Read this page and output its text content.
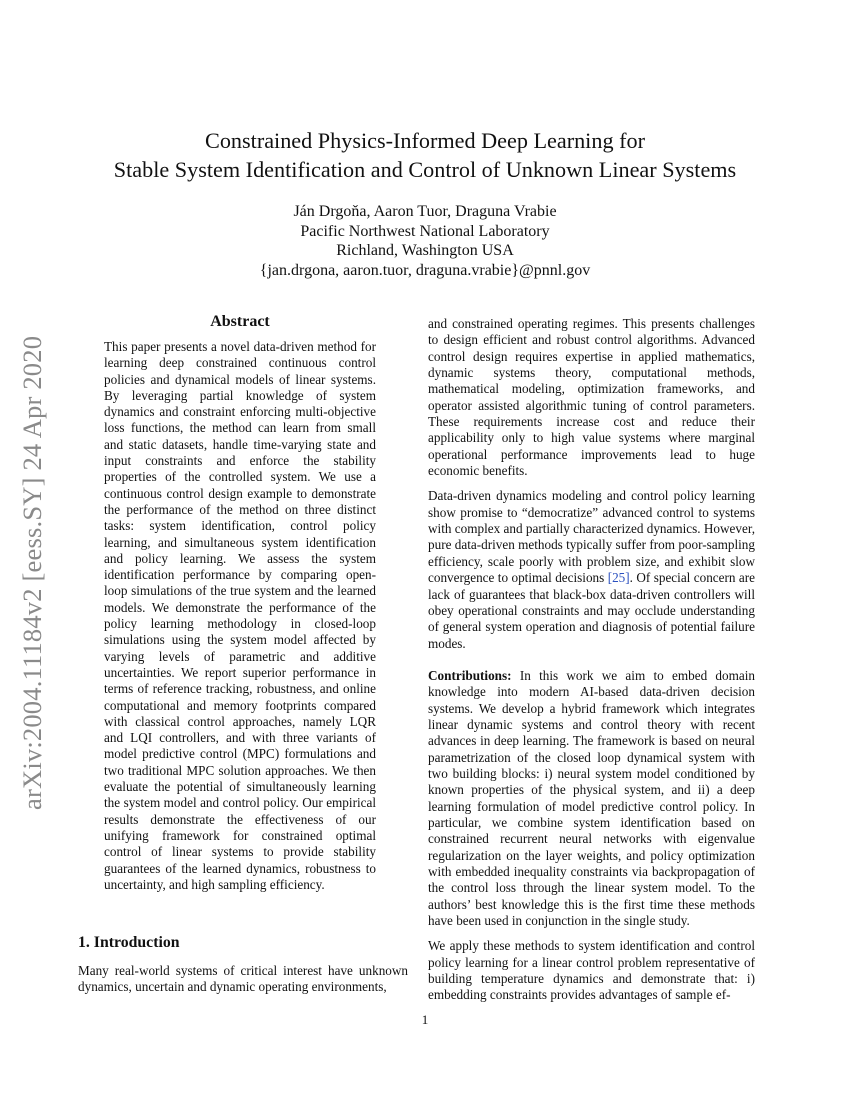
arXiv:2004.11184v2 [eess.SY] 24 Apr 2020
Constrained Physics-Informed Deep Learning for
Stable System Identification and Control of Unknown Linear Systems
Ján Drgoňa, Aaron Tuor, Draguna Vrabie
Pacific Northwest National Laboratory
Richland, Washington USA
{jan.drgona, aaron.tuor, draguna.vrabie}@pnnl.gov
Abstract

This paper presents a novel data-driven method for learning deep constrained continuous control policies and dynamical models of linear systems. By leveraging partial knowledge of system dynamics and constraint enforcing multi-objective loss functions, the method can learn from small and static datasets, handle time-varying state and input constraints and enforce the stability properties of the controlled system. We use a continuous control design example to demonstrate the performance of the method on three distinct tasks: system identification, control policy learning, and simultaneous system identification and policy learning. We assess the system identification performance by comparing open-loop simulations of the true system and the learned models. We demonstrate the performance of the policy learning methodology in closed-loop simulations using the system model affected by varying levels of parametric and additive uncertainties. We report superior performance in terms of reference tracking, robustness, and online computational and memory footprints compared with classical control approaches, namely LQR and LQI controllers, and with three variants of model predictive control (MPC) formulations and two traditional MPC solution approaches. We then evaluate the potential of simultaneously learning the system model and control policy. Our empirical results demonstrate the effectiveness of our unifying framework for constrained optimal control of linear systems to provide stability guarantees of the learned dynamics, robustness to uncertainty, and high sampling efficiency.

1. Introduction

Many real-world systems of critical interest have unknown dynamics, uncertain and dynamic operating environments,

and constrained operating regimes. This presents challenges to design efficient and robust control algorithms. Advanced control design requires expertise in applied mathematics, dynamic systems theory, computational methods, mathematical modeling, optimization frameworks, and operator assisted algorithmic tuning of control parameters. These requirements increase cost and reduce their applicability only to high value systems where marginal operational performance improvements lead to huge economic benefits.

Data-driven dynamics modeling and control policy learning show promise to “democratize” advanced control to systems with complex and partially characterized dynamics. However, pure data-driven methods typically suffer from poor-sampling efficiency, scale poorly with problem size, and exhibit slow convergence to optimal decisions [25]. Of special concern are lack of guarantees that black-box data-driven controllers will obey operational constraints and may occlude understanding of general system operation and diagnosis of potential failure modes.

Contributions: In this work we aim to embed domain knowledge into modern AI-based data-driven decision systems. We develop a hybrid framework which integrates linear dynamic systems and control theory with recent advances in deep learning. The framework is based on neural parametrization of the closed loop dynamical system with two building blocks: i) neural system model conditioned by known properties of the physical system, and ii) a deep learning formulation of model predictive control policy. In particular, we combine system identification based on constrained recurrent neural networks with eigenvalue regularization on the layer weights, and policy optimization with embedded inequality constraints via backpropagation of the control loss through the linear system model. To the authors’ best knowledge this is the first time these methods have been used in conjunction in the single study.

We apply these methods to system identification and control policy learning for a linear control problem representative of building temperature dynamics and demonstrate that: i) embedding constraints provides advantages of sample ef-

1
